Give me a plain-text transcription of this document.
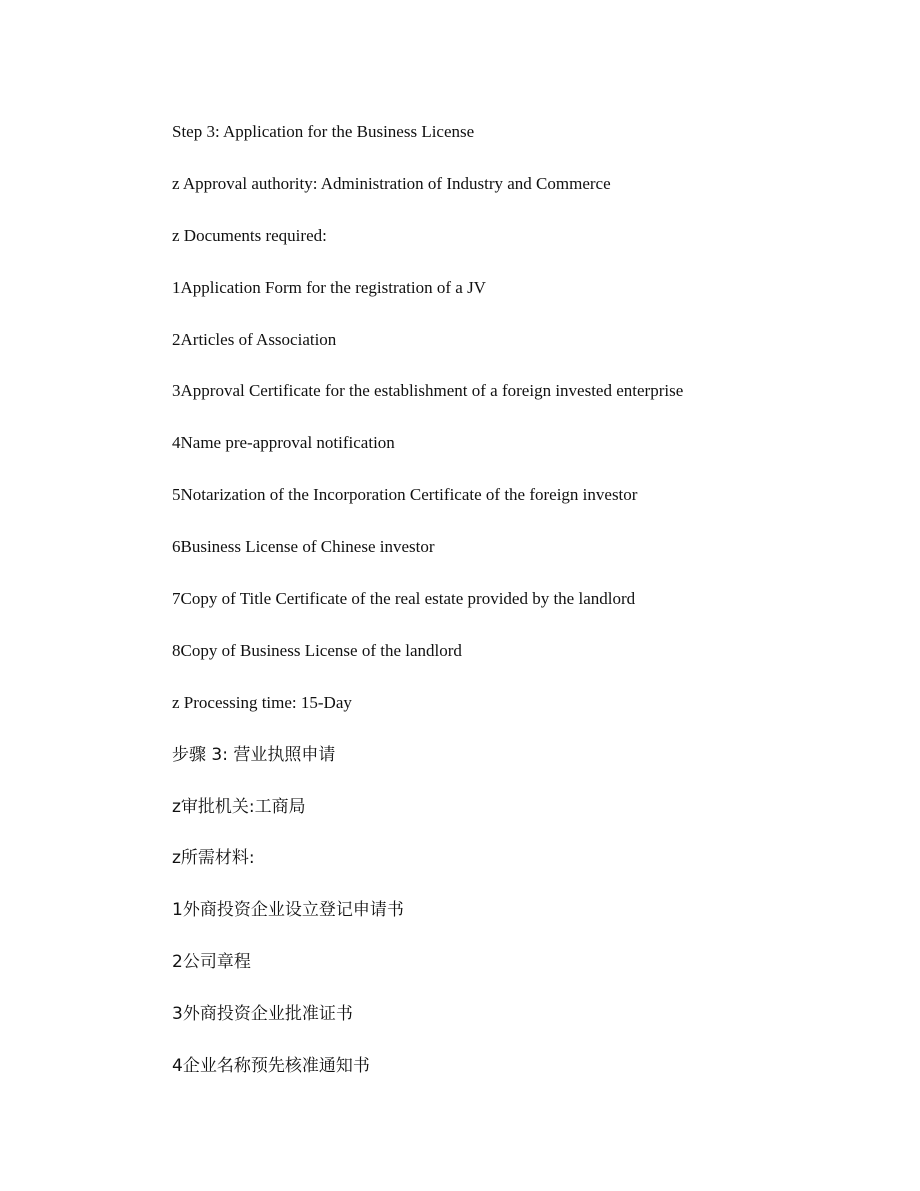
Step 3: Application for the Business License
z Approval authority: Administration of Industry and Commerce
z Documents required:
1Application Form for the registration of a JV
2Articles of Association
3Approval Certificate for the establishment of a foreign invested enterprise
4Name pre-approval notification
5Notarization of the Incorporation Certificate of the foreign investor
6Business License of Chinese investor
7Copy of Title Certificate of the real estate provided by the landlord
8Copy of Business License of the landlord
z Processing time: 15-Day
步骤 3: 营业执照申请
z审批机关:工商局
z所需材料:
1外商投资企业设立登记申请书
2公司章程
3外商投资企业批准证书
4企业名称预先核准通知书
